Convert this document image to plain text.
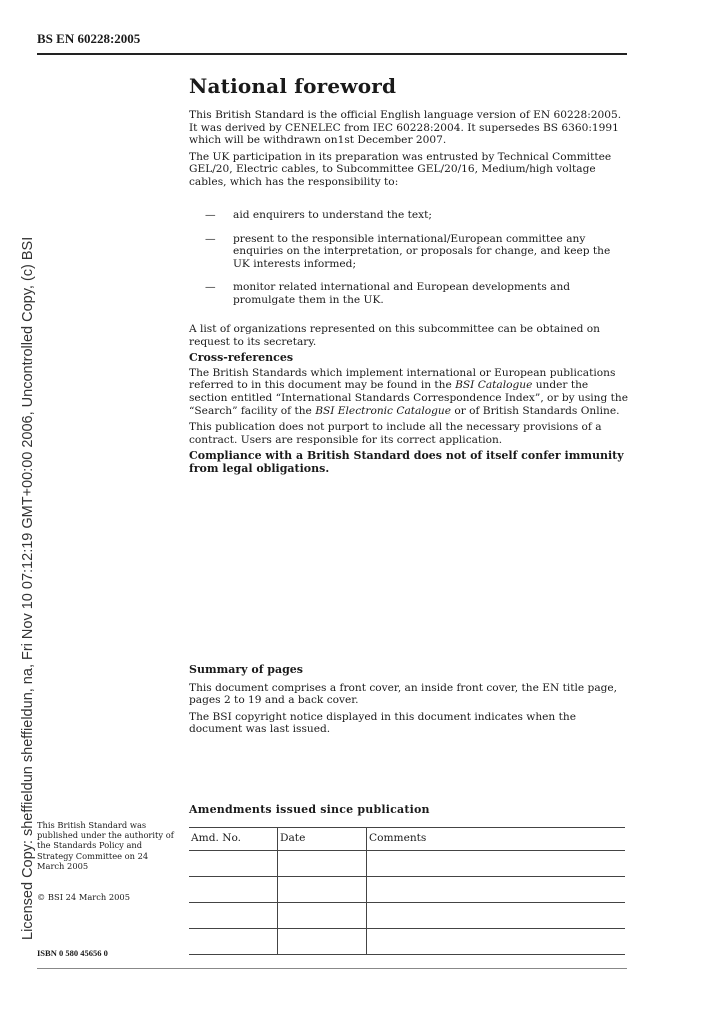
BS EN 60228:2005
Licensed Copy: sheffieldun sheffieldun, na, Fri Nov 10 07:12:19 GMT+00:00 2006, Uncontrolled Copy, (c) BSI
National foreword

This British Standard is the official English language version of EN 60228:2005. It was derived by CENELEC from IEC 60228:2004. It supersedes BS 6360:1991 which will be withdrawn on1st December 2007.

The UK participation in its preparation was entrusted by Technical Committee GEL/20, Electric cables, to Subcommittee GEL/20/16, Medium/high voltage cables, which has the responsibility to:

—	aid enquirers to understand the text;
—	present to the responsible international/European committee any enquiries on the interpretation, or proposals for change, and keep the UK interests informed;
—	monitor related international and European developments and promulgate them in the UK.

A list of organizations represented on this subcommittee can be obtained on request to its secretary.

Cross-references

The British Standards which implement international or European publications referred to in this document may be found in the BSI Catalogue under the section entitled “International Standards Correspondence Index”, or by using the “Search” facility of the BSI Electronic Catalogue or of British Standards Online.

This publication does not purport to include all the necessary provisions of a contract. Users are responsible for its correct application.

Compliance with a British Standard does not of itself confer immunity from legal obligations.

Summary of pages

This document comprises a front cover, an inside front cover, the EN title page, pages 2 to 19 and a back cover.

The BSI copyright notice displayed in this document indicates when the document was last issued.

Amendments issued since publication
Amd. No.	Date	Comments

This British Standard was published under the authority of the Standards Policy and Strategy Committee on 24 March 2005
© BSI 24 March 2005
ISBN 0 580 45656 0
